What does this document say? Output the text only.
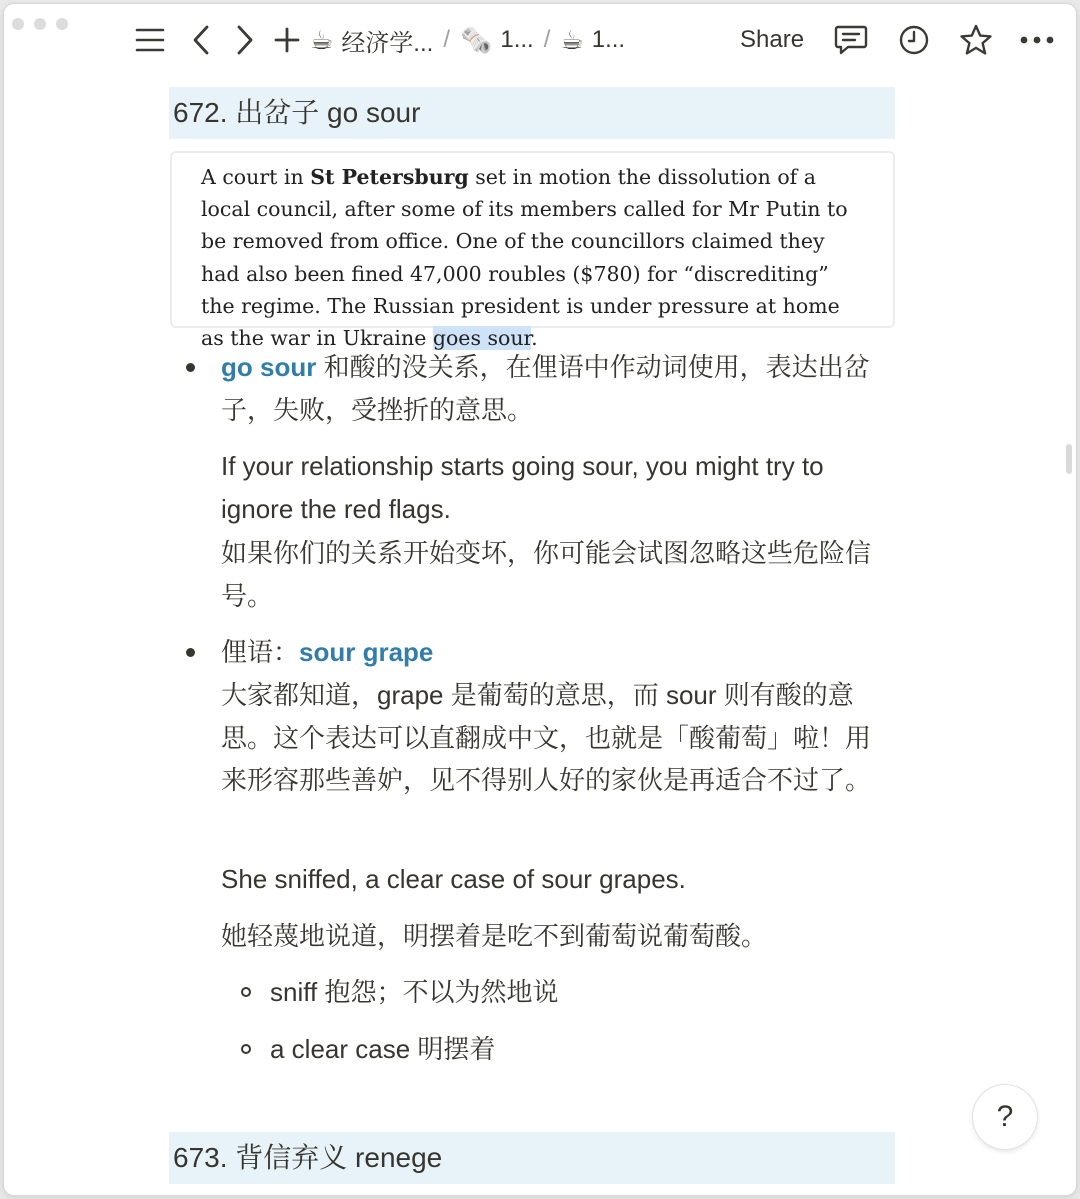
☕ 经济学... / 🗞️ 1... / ☕ 1...	Share
672. 出岔子 go sour
A court in St Petersburg set in motion the dissolution of a local council, after some of its members called for Mr Putin to be removed from office. One of the councillors claimed they had also been fined 47,000 roubles ($780) for “discrediting” the regime. The Russian president is under pressure at home as the war in Ukraine goes sour.
go sour 和酸的没关系，在俚语中作动词使用，表达出岔子，失败，受挫折的意思。
If your relationship starts going sour, you might try to ignore the red flags.
如果你们的关系开始变坏，你可能会试图忽略这些危险信号。
俚语：sour grape
大家都知道，grape 是葡萄的意思，而 sour 则有酸的意思。这个表达可以直翻成中文，也就是「酸葡萄」啦！用来形容那些善妒，见不得别人好的家伙是再适合不过了。
She sniffed, a clear case of sour grapes.
她轻蔑地说道，明摆着是吃不到葡萄说葡萄酸。
sniff 抱怨；不以为然地说
a clear case 明摆着
673. 背信弃义 renege
?
